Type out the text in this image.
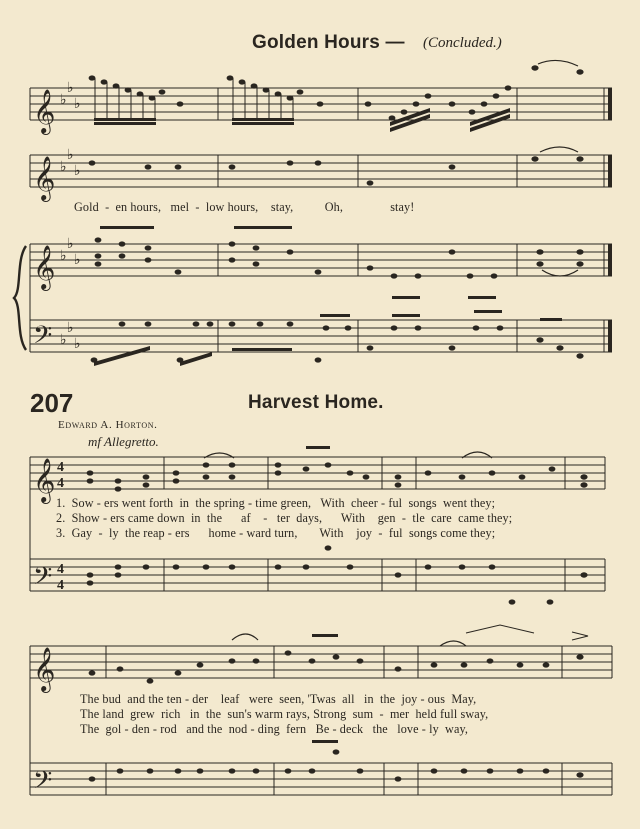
Golden Hours — (Concluded.)
𝄞
𝄞
𝄞
𝄢
♭
♭
♭
♭
♭
♭
♭
♭
♭
♭
♭
♭
Gold  -  en hours,   mel  -  low hours,    stay,          Oh,               stay!
207	Harvest Home.
Edward A. Horton.
mf Allegretto.
𝄞
𝄢
𝄞
𝄢
4
4
4
4
1.  Sow - ers went forth  in  the spring - time green,   With  cheer - ful  songs  went they;
2.  Show - ers came down  in  the      af    -   ter  days,      With    gen  -  tle  care  came they;
3.  Gay  -  ly  the reap - ers      home - ward turn,       With    joy  -  ful  songs come they;
The bud  and the ten - der    leaf   were  seen, 'Twas  all   in  the  joy - ous  May,
The land  grew  rich   in  the  sun's warm rays, Strong  sum  -  mer  held full sway,
The  gol - den - rod   and the  nod - ding  fern   Be - deck   the   love - ly  way,
